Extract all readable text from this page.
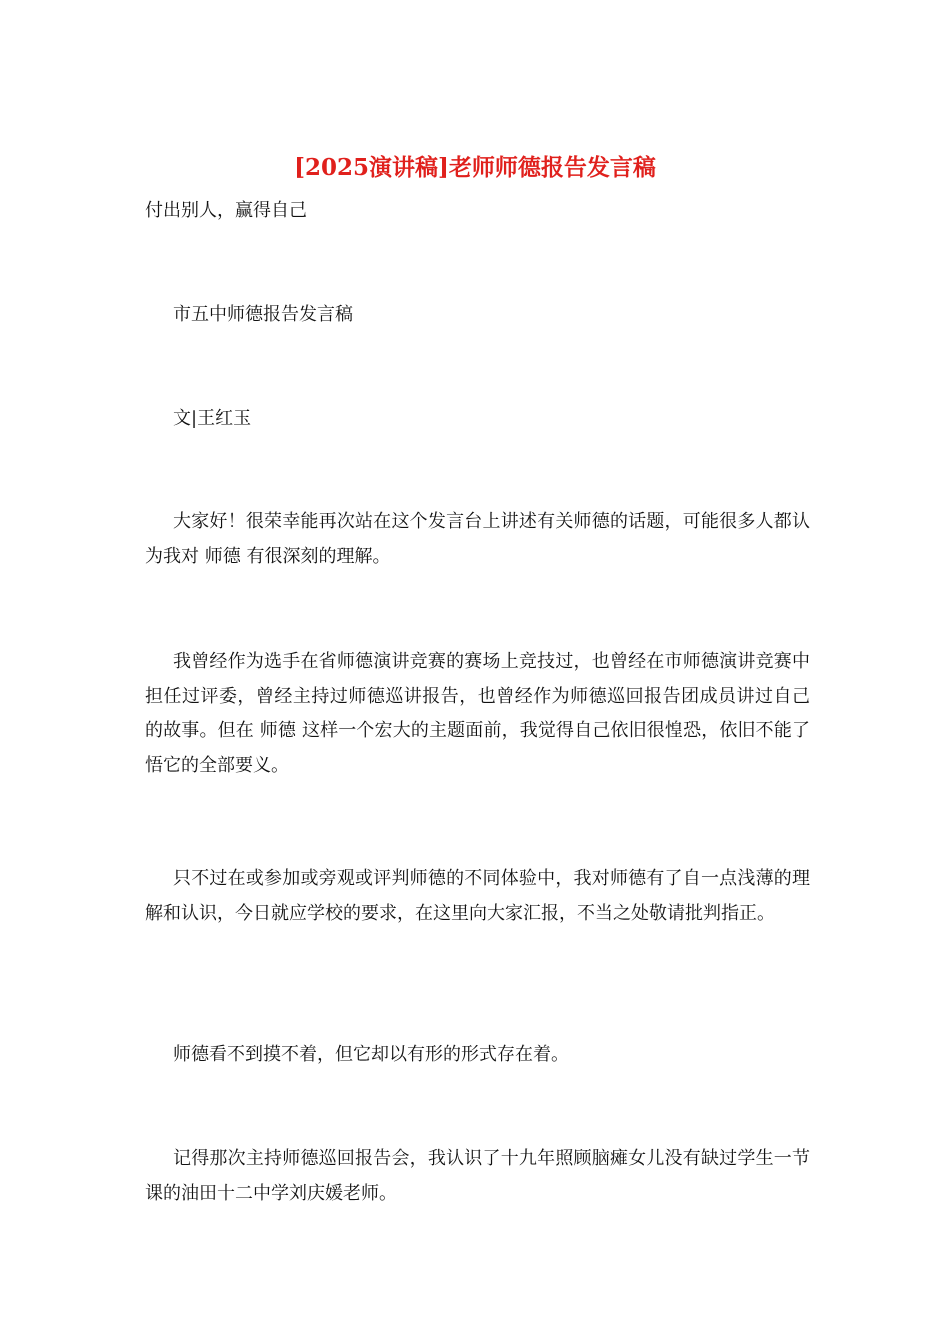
[2025演讲稿]老师师德报告发言稿

付出别人，赢得自己

市五中师德报告发言稿

文|王红玉

大家好！很荣幸能再次站在这个发言台上讲述有关师德的话题，可能很多人都认为我对 师德 有很深刻的理解。

我曾经作为选手在省师德演讲竞赛的赛场上竞技过，也曾经在市师德演讲竞赛中担任过评委，曾经主持过师德巡讲报告，也曾经作为师德巡回报告团成员讲过自己的故事。但在 师德 这样一个宏大的主题面前，我觉得自己依旧很惶恐，依旧不能了悟它的全部要义。

只不过在或参加或旁观或评判师德的不同体验中，我对师德有了自一点浅薄的理解和认识，今日就应学校的要求，在这里向大家汇报，不当之处敬请批判指正。

师德看不到摸不着，但它却以有形的形式存在着。

记得那次主持师德巡回报告会，我认识了十九年照顾脑瘫女儿没有缺过学生一节课的油田十二中学刘庆媛老师。
